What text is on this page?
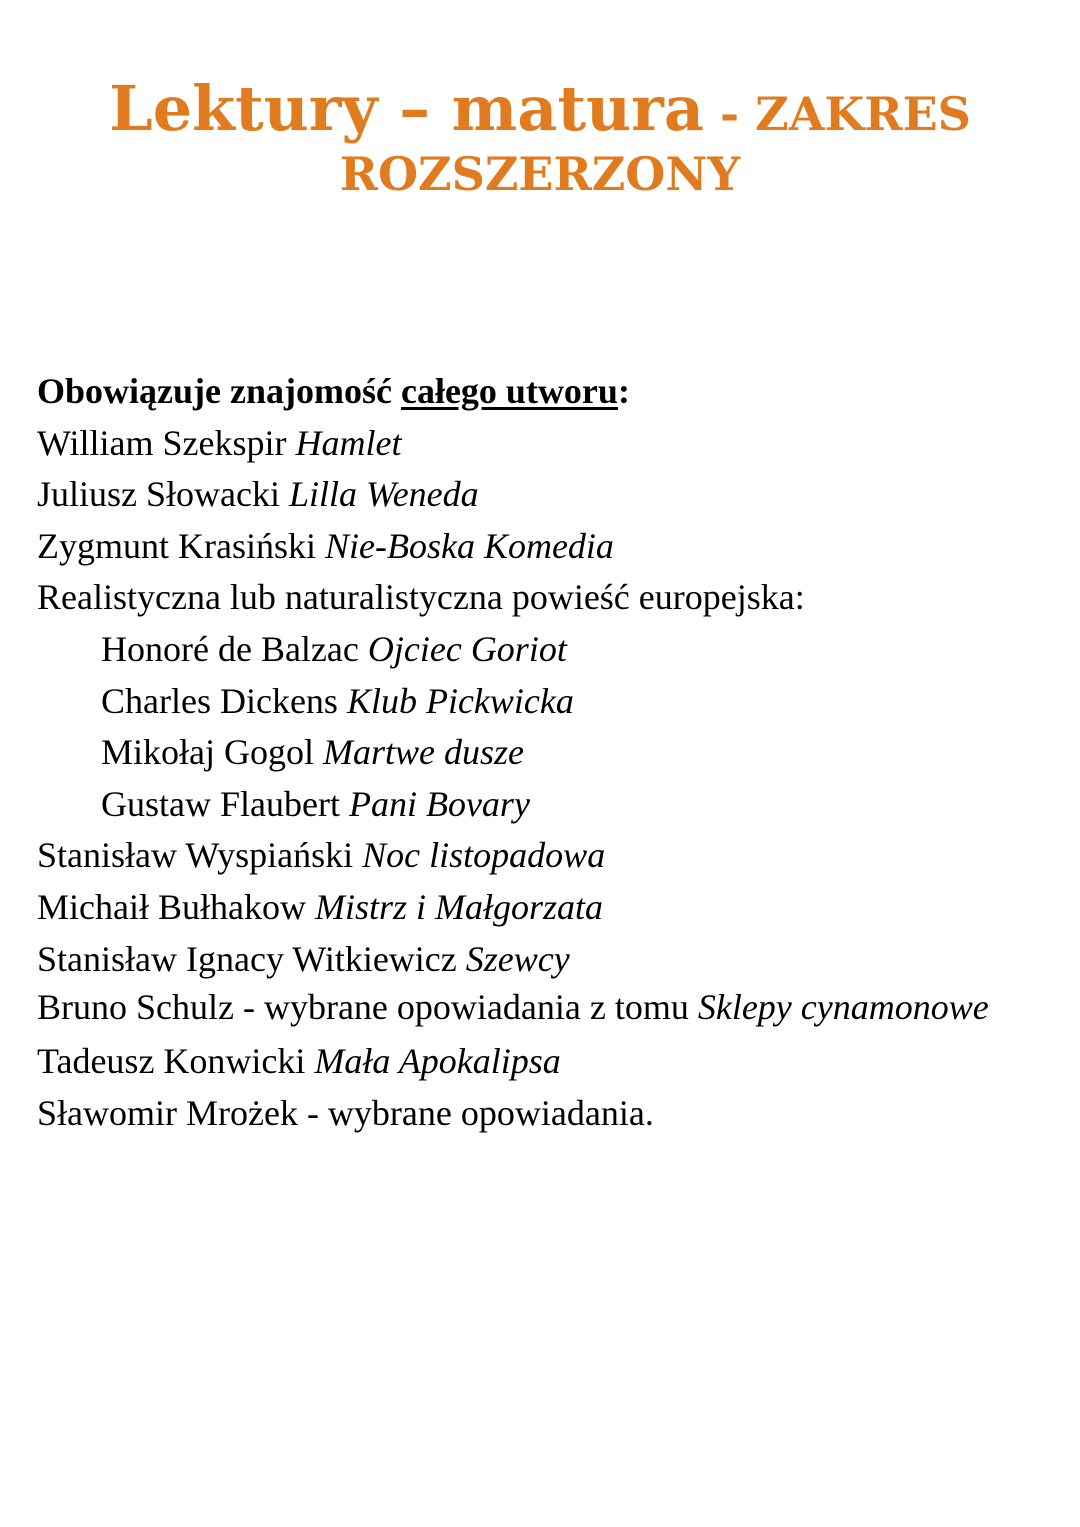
Lektury – matura - ZAKRES
ROZSZERZONY
Obowiązuje znajomość całego utworu:
William Szekspir Hamlet
Juliusz Słowacki Lilla Weneda
Zygmunt Krasiński Nie-Boska Komedia
Realistyczna lub naturalistyczna powieść europejska:
Honoré de Balzac Ojciec Goriot
Charles Dickens Klub Pickwicka
Mikołaj Gogol Martwe dusze
Gustaw Flaubert Pani Bovary
Stanisław Wyspiański Noc listopadowa
Michaił Bułhakow Mistrz i Małgorzata
Stanisław Ignacy Witkiewicz Szewcy
Bruno Schulz - wybrane opowiadania z tomu Sklepy cynamonowe
Tadeusz Konwicki Mała Apokalipsa
Sławomir Mrożek - wybrane opowiadania.
